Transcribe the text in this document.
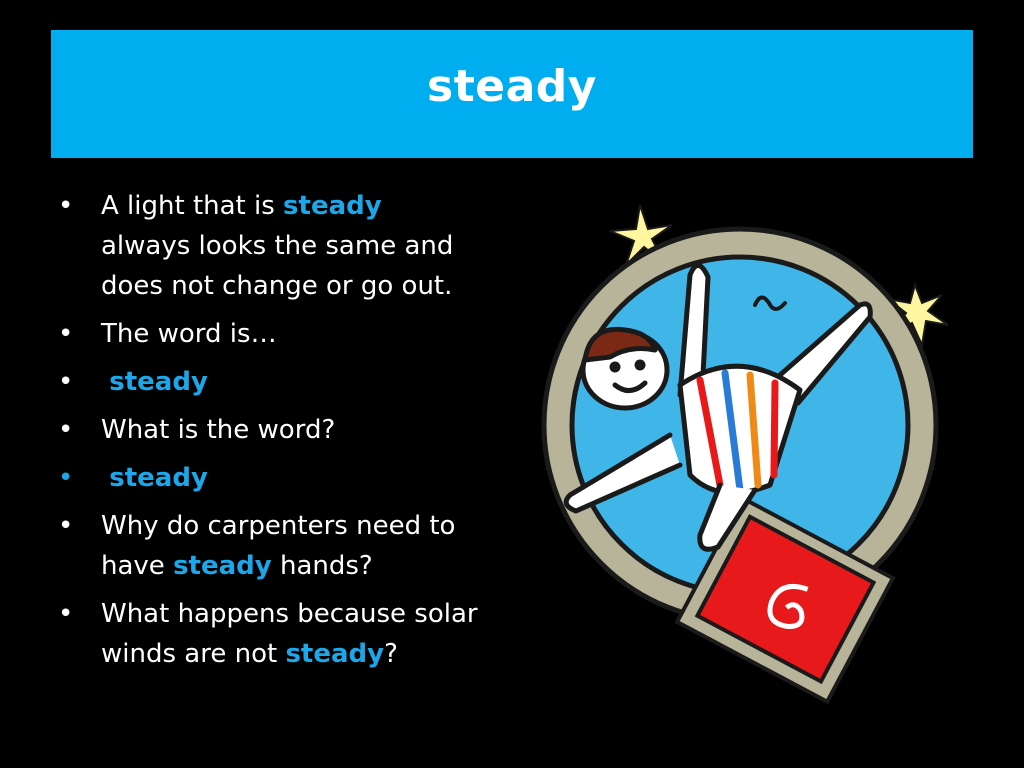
steady
• A light that is steady always looks the same and does not change or go out.
• The word is…
• steady
• What is the word?
• steady
• Why do carpenters need to have steady hands?
• What happens because solar winds are not steady?
